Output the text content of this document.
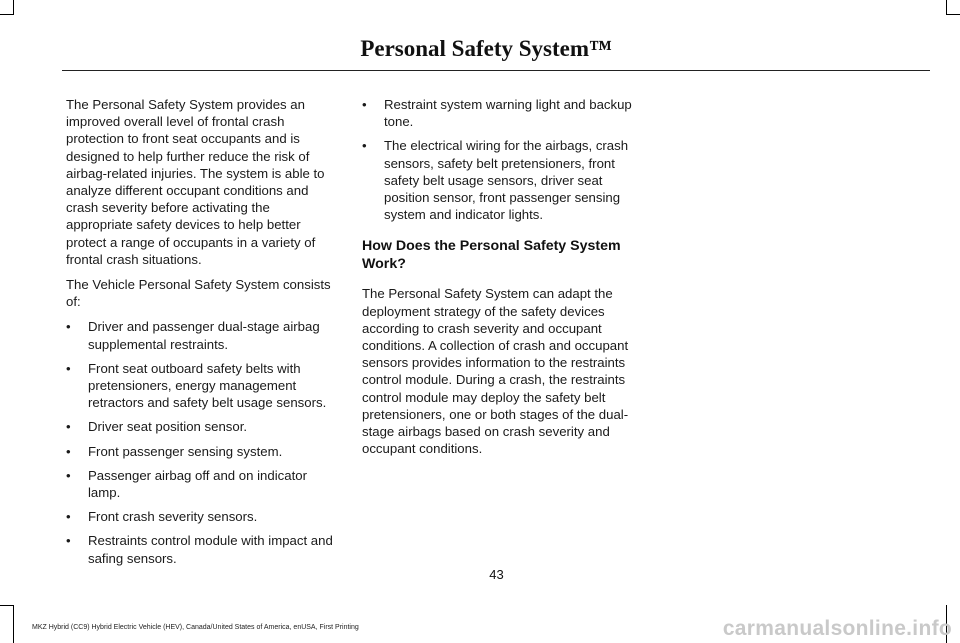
Personal Safety System™

The Personal Safety System provides an improved overall level of frontal crash protection to front seat occupants and is designed to help further reduce the risk of airbag-related injuries. The system is able to analyze different occupant conditions and crash severity before activating the appropriate safety devices to help better protect a range of occupants in a variety of frontal crash situations.

The Vehicle Personal Safety System consists of:

• Driver and passenger dual-stage airbag supplemental restraints.
• Front seat outboard safety belts with pretensioners, energy management retractors and safety belt usage sensors.
• Driver seat position sensor.
• Front passenger sensing system.
• Passenger airbag off and on indicator lamp.
• Front crash severity sensors.
• Restraints control module with impact and safing sensors.
• Restraint system warning light and backup tone.
• The electrical wiring for the airbags, crash sensors, safety belt pretensioners, front safety belt usage sensors, driver seat position sensor, front passenger sensing system and indicator lights.
How Does the Personal Safety System Work?

The Personal Safety System can adapt the deployment strategy of the safety devices according to crash severity and occupant conditions. A collection of crash and occupant sensors provides information to the restraints control module. During a crash, the restraints control module may deploy the safety belt pretensioners, one or both stages of the dual-stage airbags based on crash severity and occupant conditions.

43
MKZ Hybrid (CC9) Hybrid Electric Vehicle (HEV), Canada/United States of America, enUSA, First Printing	carmanualsonline.info
